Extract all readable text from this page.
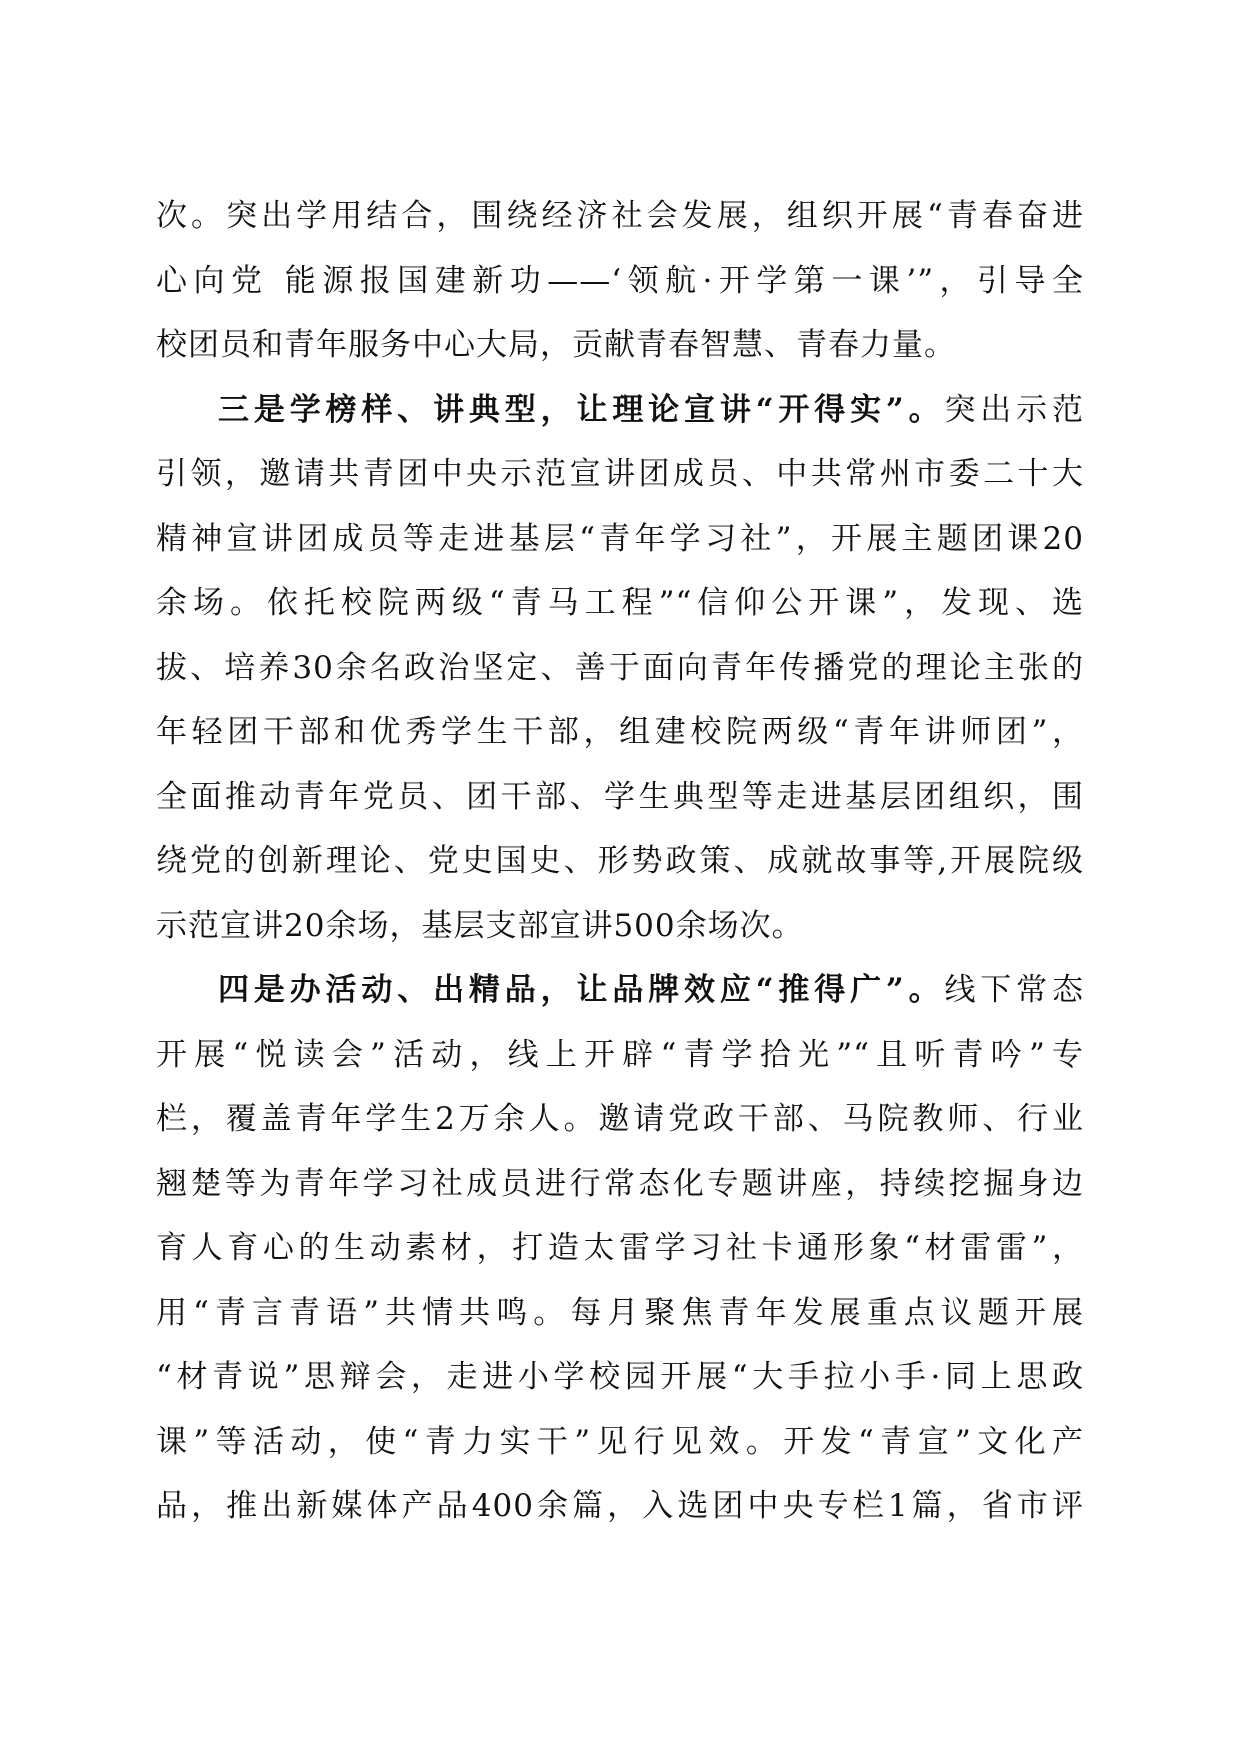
次。突出学用结合，围绕经济社会发展，组织开展“青春奋进
心向党 能源报国建新功——‘领航·开学第一课’”，引导全
校团员和青年服务中心大局，贡献青春智慧、青春力量。
三是学榜样、讲典型，让理论宣讲“开得实”。突出示范
引领，邀请共青团中央示范宣讲团成员、中共常州市委二十大
精神宣讲团成员等走进基层“青年学习社”，开展主题团课20
余场。依托校院两级“青马工程”“信仰公开课”，发现、选
拔、培养30余名政治坚定、善于面向青年传播党的理论主张的
年轻团干部和优秀学生干部，组建校院两级“青年讲师团”，
全面推动青年党员、团干部、学生典型等走进基层团组织，围
绕党的创新理论、党史国史、形势政策、成就故事等,开展院级
示范宣讲20余场，基层支部宣讲500余场次。
四是办活动、出精品，让品牌效应“推得广”。线下常态
开展“悦读会”活动，线上开辟“青学拾光”“且听青吟”专
栏，覆盖青年学生2万余人。邀请党政干部、马院教师、行业
翘楚等为青年学习社成员进行常态化专题讲座，持续挖掘身边
育人育心的生动素材，打造太雷学习社卡通形象“材雷雷”，
用“青言青语”共情共鸣。每月聚焦青年发展重点议题开展
“材青说”思辩会，走进小学校园开展“大手拉小手·同上思政
课”等活动，使“青力实干”见行见效。开发“青宣”文化产
品，推出新媒体产品400余篇，入选团中央专栏1篇，省市评
